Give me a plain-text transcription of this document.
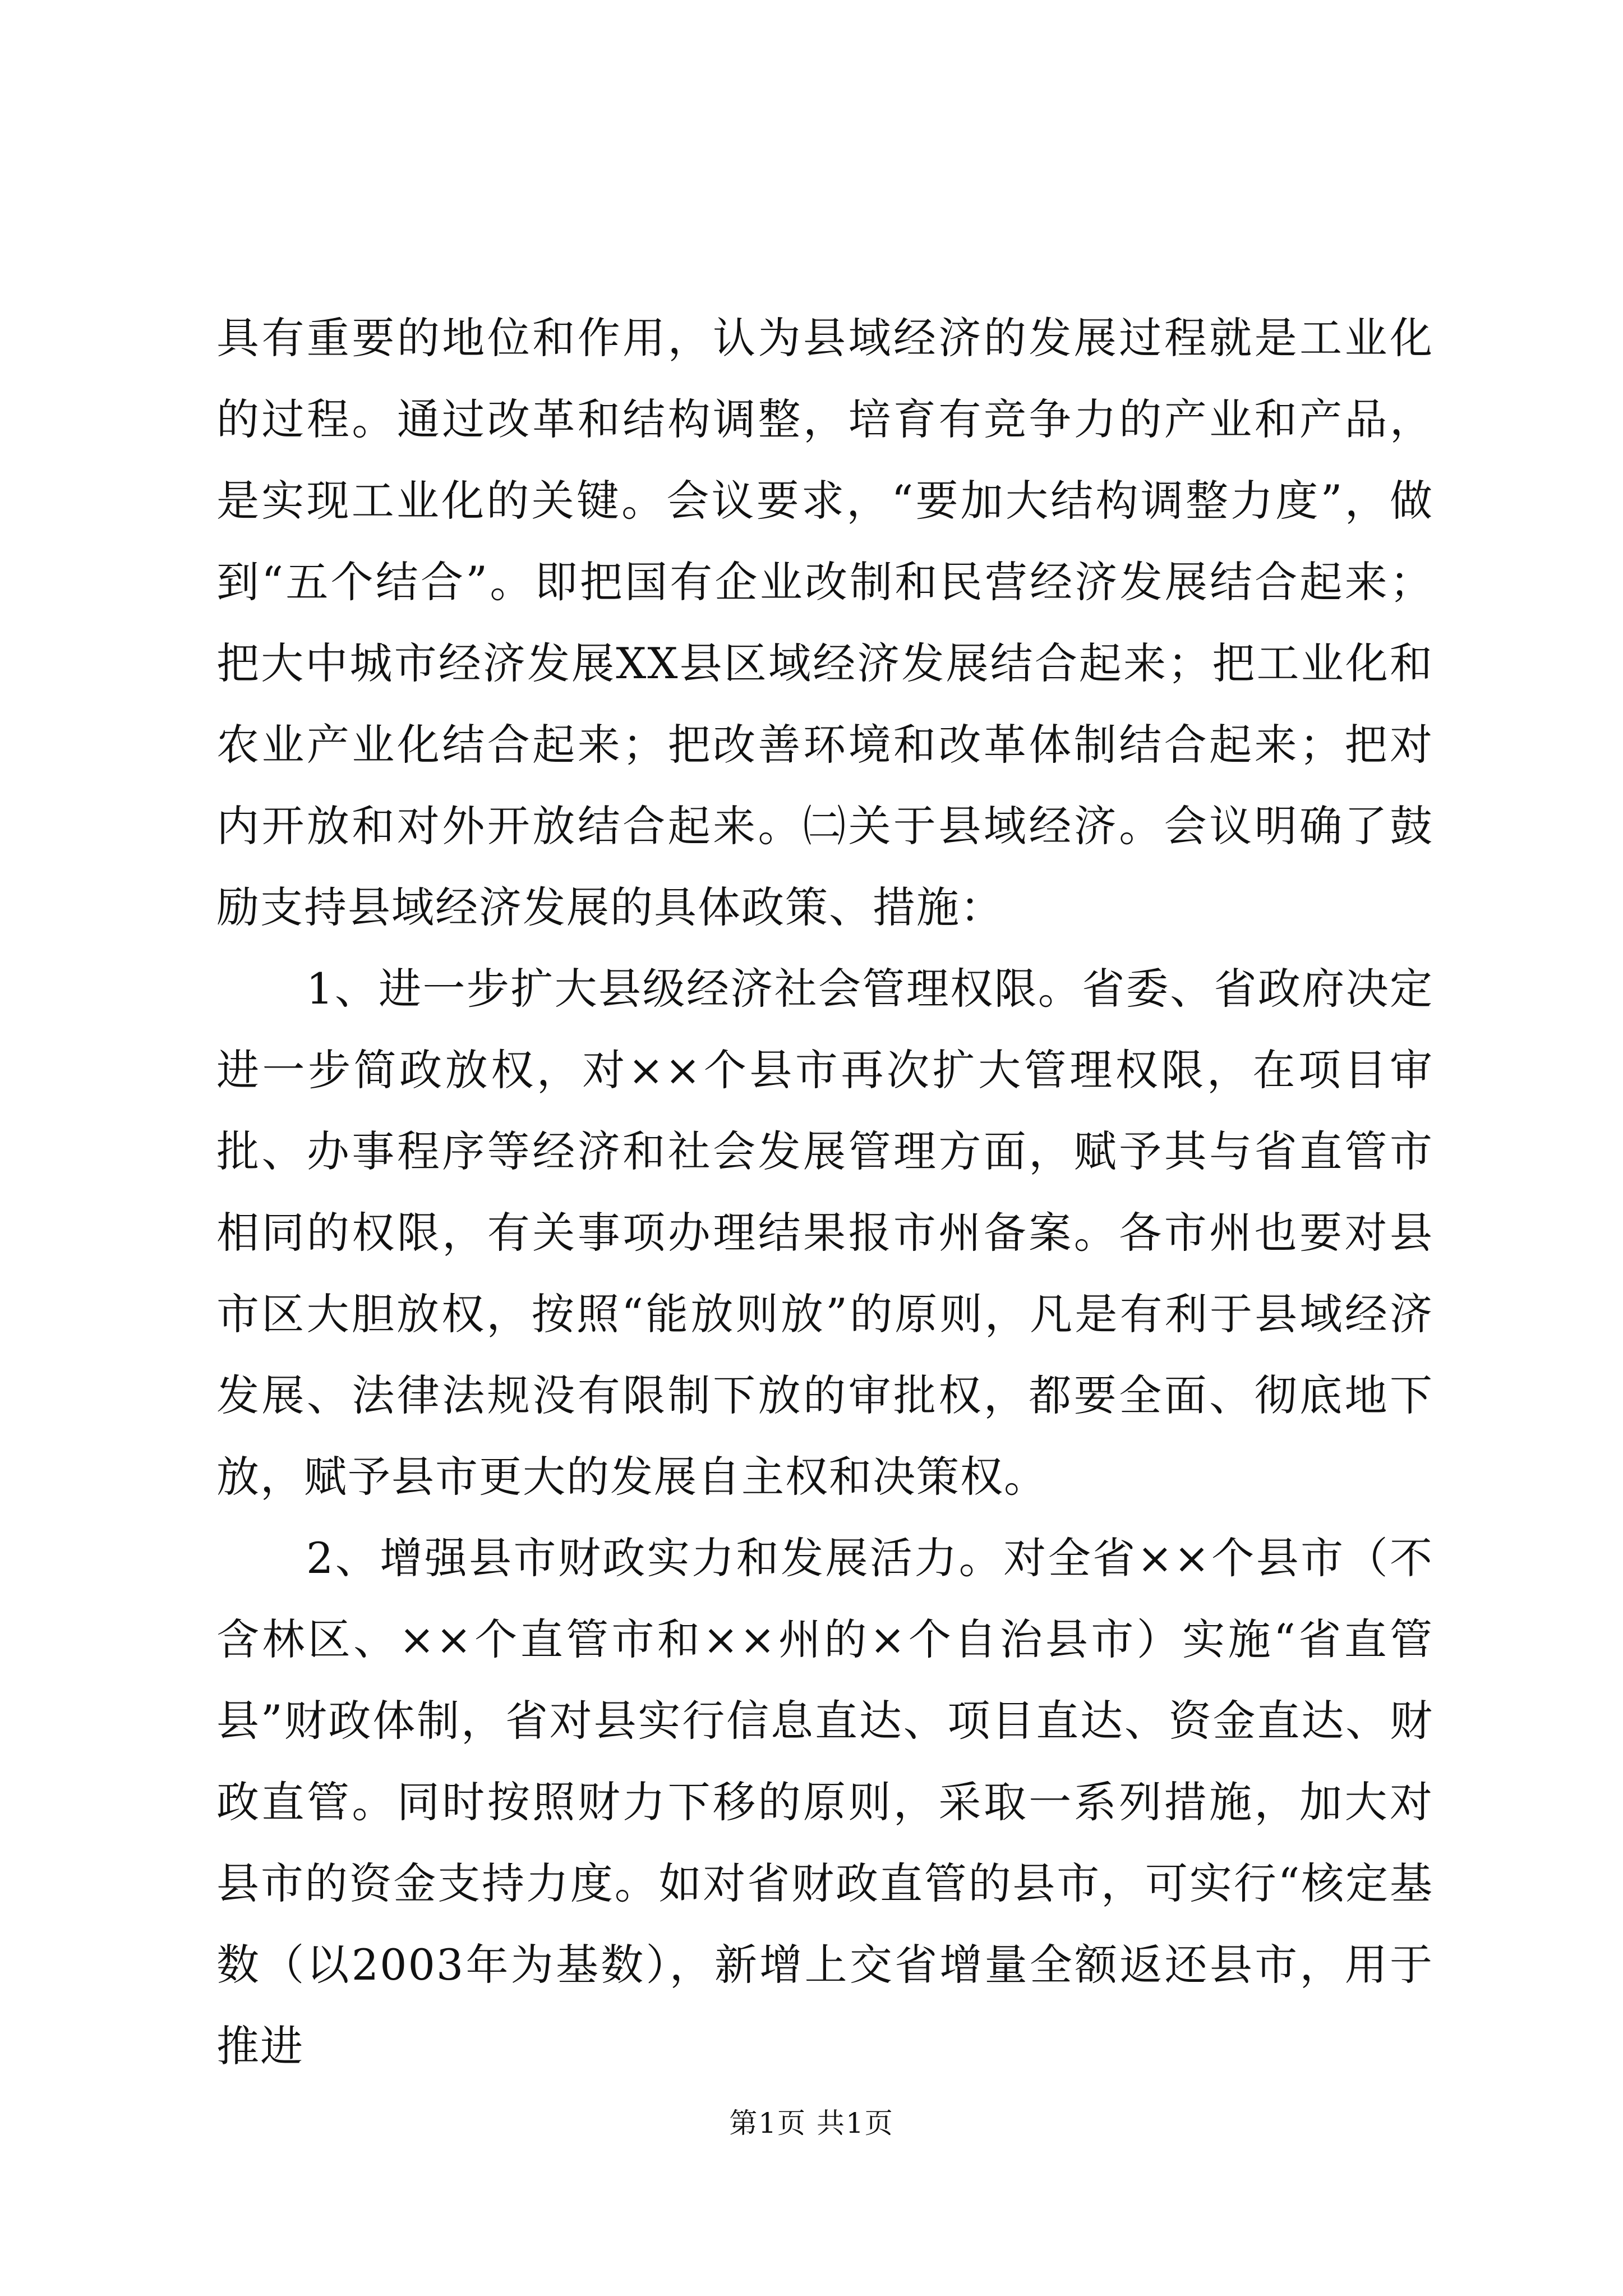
具有重要的地位和作用，认为县域经济的发展过程就是工业化的过程。通过改革和结构调整，培育有竞争力的产业和产品，是实现工业化的关键。会议要求，“要加大结构调整力度”，做到“五个结合”。即把国有企业改制和民营经济发展结合起来；把大中城市经济发展XX县区域经济发展结合起来；把工业化和农业产业化结合起来；把改善环境和改革体制结合起来；把对内开放和对外开放结合起来。㈡关于县域经济。会议明确了鼓励支持县域经济发展的具体政策、措施：

1、进一步扩大县级经济社会管理权限。省委、省政府决定进一步简政放权，对××个县市再次扩大管理权限，在项目审批、办事程序等经济和社会发展管理方面，赋予其与省直管市相同的权限，有关事项办理结果报市州备案。各市州也要对县市区大胆放权，按照“能放则放”的原则，凡是有利于县域经济发展、法律法规没有限制下放的审批权，都要全面、彻底地下放，赋予县市更大的发展自主权和决策权。

2、增强县市财政实力和发展活力。对全省××个县市（不含林区、××个直管市和××州的×个自治县市）实施“省直管县”财政体制，省对县实行信息直达、项目直达、资金直达、财政直管。同时按照财力下移的原则，采取一系列措施，加大对县市的资金支持力度。如对省财政直管的县市，可实行“核定基数（以2003年为基数），新增上交省增量全额返还县市，用于推进

第1页 共1页
